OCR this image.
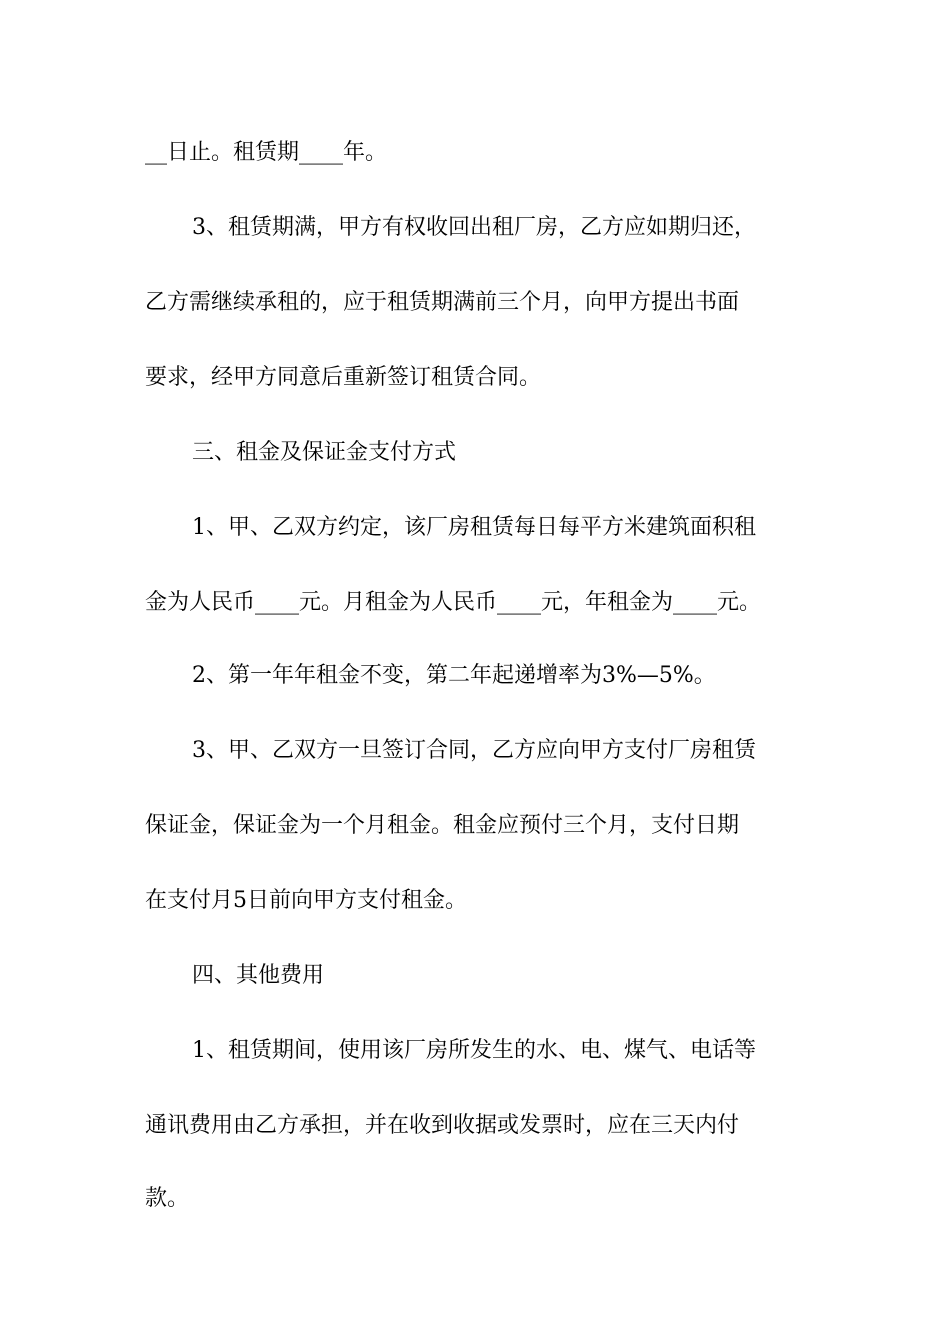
__日止。租赁期____年。
3、租赁期满，甲方有权收回出租厂房，乙方应如期归还，
乙方需继续承租的，应于租赁期满前三个月，向甲方提出书面
要求，经甲方同意后重新签订租赁合同。
三、租金及保证金支付方式
1、甲、乙双方约定，该厂房租赁每日每平方米建筑面积租
金为人民币____元。月租金为人民币____元，年租金为____元。
2、第一年年租金不变，第二年起递增率为3%—5%。
3、甲、乙双方一旦签订合同，乙方应向甲方支付厂房租赁
保证金，保证金为一个月租金。租金应预付三个月，支付日期
在支付月5日前向甲方支付租金。
四、其他费用
1、租赁期间，使用该厂房所发生的水、电、煤气、电话等
通讯费用由乙方承担，并在收到收据或发票时，应在三天内付
款。
